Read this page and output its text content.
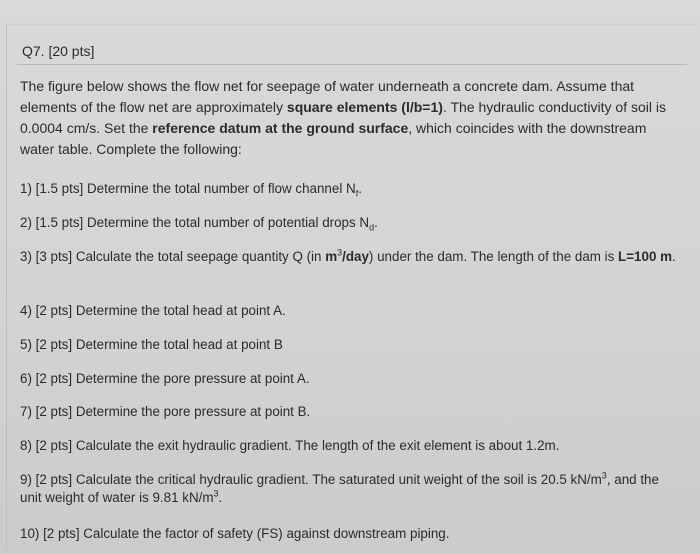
Q7. [20 pts]
The figure below shows the flow net for seepage of water underneath a concrete dam. Assume that elements of the flow net are approximately square elements (l/b=1). The hydraulic conductivity of soil is 0.0004 cm/s. Set the reference datum at the ground surface, which coincides with the downstream water table. Complete the following:
1) [1.5 pts] Determine the total number of flow channel $N_f$.
2) [1.5 pts] Determine the total number of potential drops $N_d$.
3) [3 pts] Calculate the total seepage quantity Q (in $m^3/day$) under the dam. The length of the dam is L=100 m.
4) [2 pts] Determine the total head at point A.
5) [2 pts] Determine the total head at point B
6) [2 pts] Determine the pore pressure at point A.
7) [2 pts] Determine the pore pressure at point B.
8) [2 pts] Calculate the exit hydraulic gradient. The length of the exit element is about 1.2m.
9) [2 pts] Calculate the critical hydraulic gradient. The saturated unit weight of the soil is 20.5 $kN/m^3$, and the unit weight of water is 9.81 $kN/m^3$.
10) [2 pts] Calculate the factor of safety (FS) against downstream piping.
